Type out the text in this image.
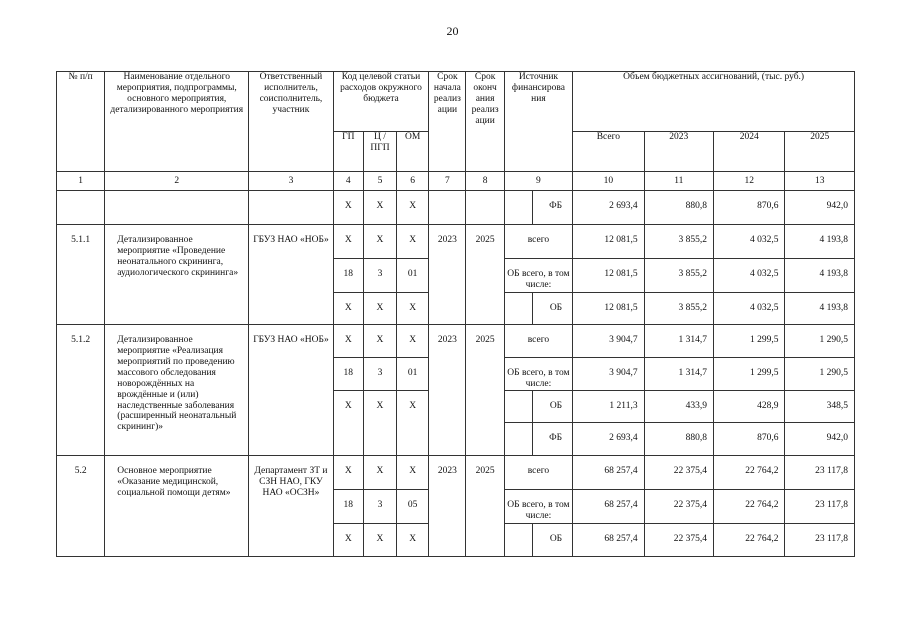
20
№ п/п	Наименование отдельного мероприятия, подпрограммы, основного мероприятия, детализированного мероприятия	Ответственный исполнитель, соисполнитель, участник	Код целевой статьи расходов окружного бюджета			Срок начала реализ ации	Срок оконч ания реализ ации	Источник финансирова ния	Объем бюджетных ассигнований, (тыс. руб.)			
			ГП	Ц / ПГП	ОМ				Всего	2023	2024	2025
1	2	3	4	5	6	7	8	9	10	11	12	13
			Х	Х	Х			ФБ	2 693,4	880,8	870,6	942,0
5.1.1	Детализированное мероприятие «Проведение неонатального скрининга, аудиологического скрининга»	ГБУЗ НАО «НОБ»	Х	Х	Х	2023	2025	всего	12 081,5	3 855,2	4 032,5	4 193,8
			18	3	01			ОБ всего, в том числе:	12 081,5	3 855,2	4 032,5	4 193,8
			Х	Х	Х			ОБ	12 081,5	3 855,2	4 032,5	4 193,8
5.1.2	Детализированное мероприятие «Реализация мероприятий по проведению массового обследования новорождённых на врождённые и (или) наследственные заболевания (расширенный неонатальный скрининг)»	ГБУЗ НАО «НОБ»	Х	Х	Х	2023	2025	всего	3 904,7	1 314,7	1 299,5	1 290,5
			18	3	01			ОБ всего, в том числе:	3 904,7	1 314,7	1 299,5	1 290,5
			Х	Х	Х			ОБ	1 211,3	433,9	428,9	348,5

								ФБ	2 693,4	880,8	870,6	942,0
5.2	Основное мероприятие «Оказание медицинской, социальной помощи детям»	Департамент ЗТ и СЗН НАО, ГКУ НАО «ОСЗН»	Х	Х	Х	2023	2025	всего	68 257,4	22 375,4	22 764,2	23 117,8
			18	3	05			ОБ всего, в том числе:	68 257,4	22 375,4	22 764,2	23 117,8
			Х	Х	Х			ОБ	68 257,4	22 375,4	22 764,2	23 117,8
